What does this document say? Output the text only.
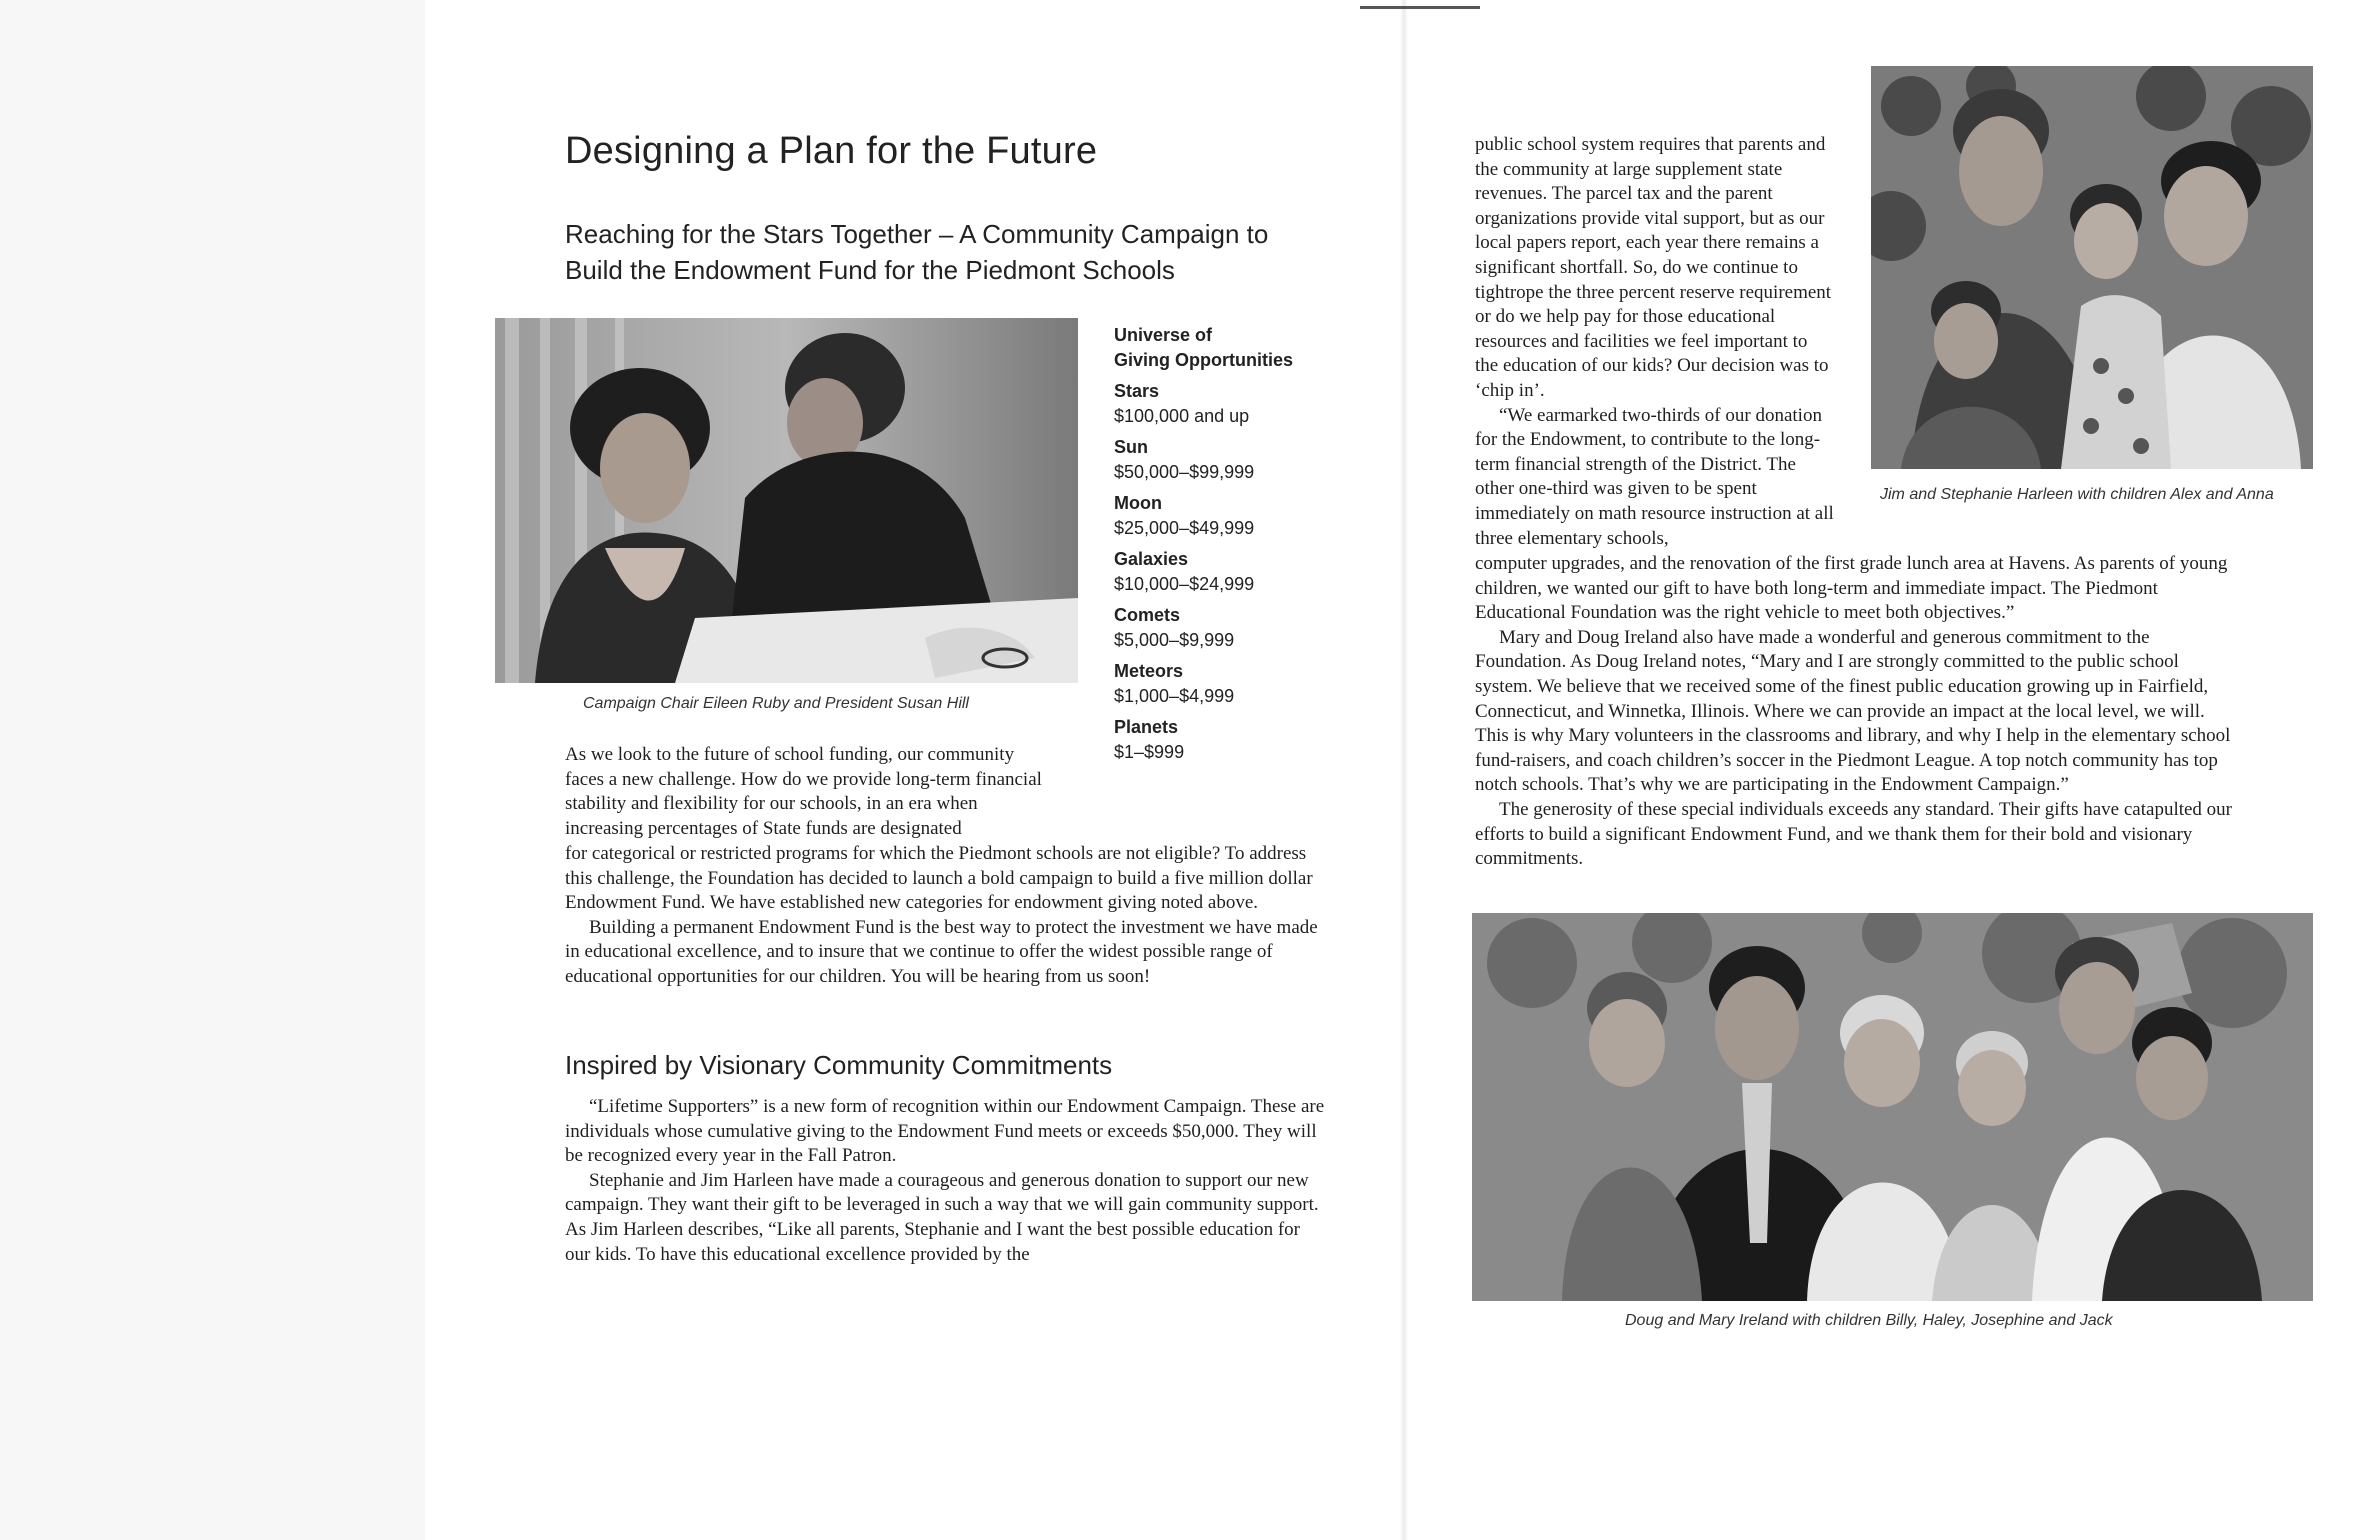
Designing a Plan for the Future
Reaching for the Stars Together – A Community Campaign to Build the Endowment Fund for the Piedmont Schools
Campaign Chair Eileen Ruby and President Susan Hill
Universe of
Giving Opportunities
Stars
$100,000 and up
Sun
$50,000–$99,999
Moon
$25,000–$49,999
Galaxies
$10,000–$24,999
Comets
$5,000–$9,999
Meteors
$1,000–$4,999
Planets
$1–$999

As we look to the future of school funding, our community faces a new challenge. How do we provide long-term financial stability and flexibility for our schools, in an era when increasing percentages of State funds are designated

for categorical or restricted programs for which the Piedmont schools are not eligible? To address this challenge, the Foundation has decided to launch a bold campaign to build a five million dollar Endowment Fund. We have established new categories for endowment giving noted above.

Building a permanent Endowment Fund is the best way to protect the investment we have made in educational excellence, and to insure that we continue to offer the widest possible range of educational opportunities for our children. You will be hearing from us soon!

Inspired by Visionary Community Commitments

“Lifetime Supporters” is a new form of recognition within our Endowment Campaign. These are individuals whose cumulative giving to the Endowment Fund meets or exceeds $50,000. They will be recognized every year in the Fall Patron.

Stephanie and Jim Harleen have made a courageous and generous donation to support our new campaign. They want their gift to be leveraged in such a way that we will gain community support. As Jim Harleen describes, “Like all parents, Stephanie and I want the best possible education for our kids. To have this educational excellence provided by the

public school system requires that parents and the community at large supplement state revenues. The parcel tax and the parent organizations provide vital support, but as our local papers report, each year there remains a significant shortfall. So, do we continue to tightrope the three percent reserve requirement or do we help pay for those educational resources and facilities we feel important to the education of our kids? Our decision was to ‘chip in’.

“We earmarked two-thirds of our donation for the Endowment, to contribute to the long-term financial strength of the District. The other one-third was given to be spent immediately on math resource instruction at all three elementary schools,

Jim and Stephanie Harleen with children Alex and Anna

computer upgrades, and the renovation of the first grade lunch area at Havens. As parents of young children, we wanted our gift to have both long-term and immediate impact. The Piedmont Educational Foundation was the right vehicle to meet both objectives.”

Mary and Doug Ireland also have made a wonderful and generous commitment to the Foundation. As Doug Ireland notes, “Mary and I are strongly committed to the public school system. We believe that we received some of the finest public education growing up in Fairfield, Connecticut, and Winnetka, Illinois. Where we can provide an impact at the local level, we will. This is why Mary volunteers in the classrooms and library, and why I help in the elementary school fund-raisers, and coach children’s soccer in the Piedmont League. A top notch community has top notch schools. That’s why we are participating in the Endowment Campaign.”

The generosity of these special individuals exceeds any standard. Their gifts have catapulted our efforts to build a significant Endowment Fund, and we thank them for their bold and visionary commitments.

Doug and Mary Ireland with children Billy, Haley, Josephine and Jack
